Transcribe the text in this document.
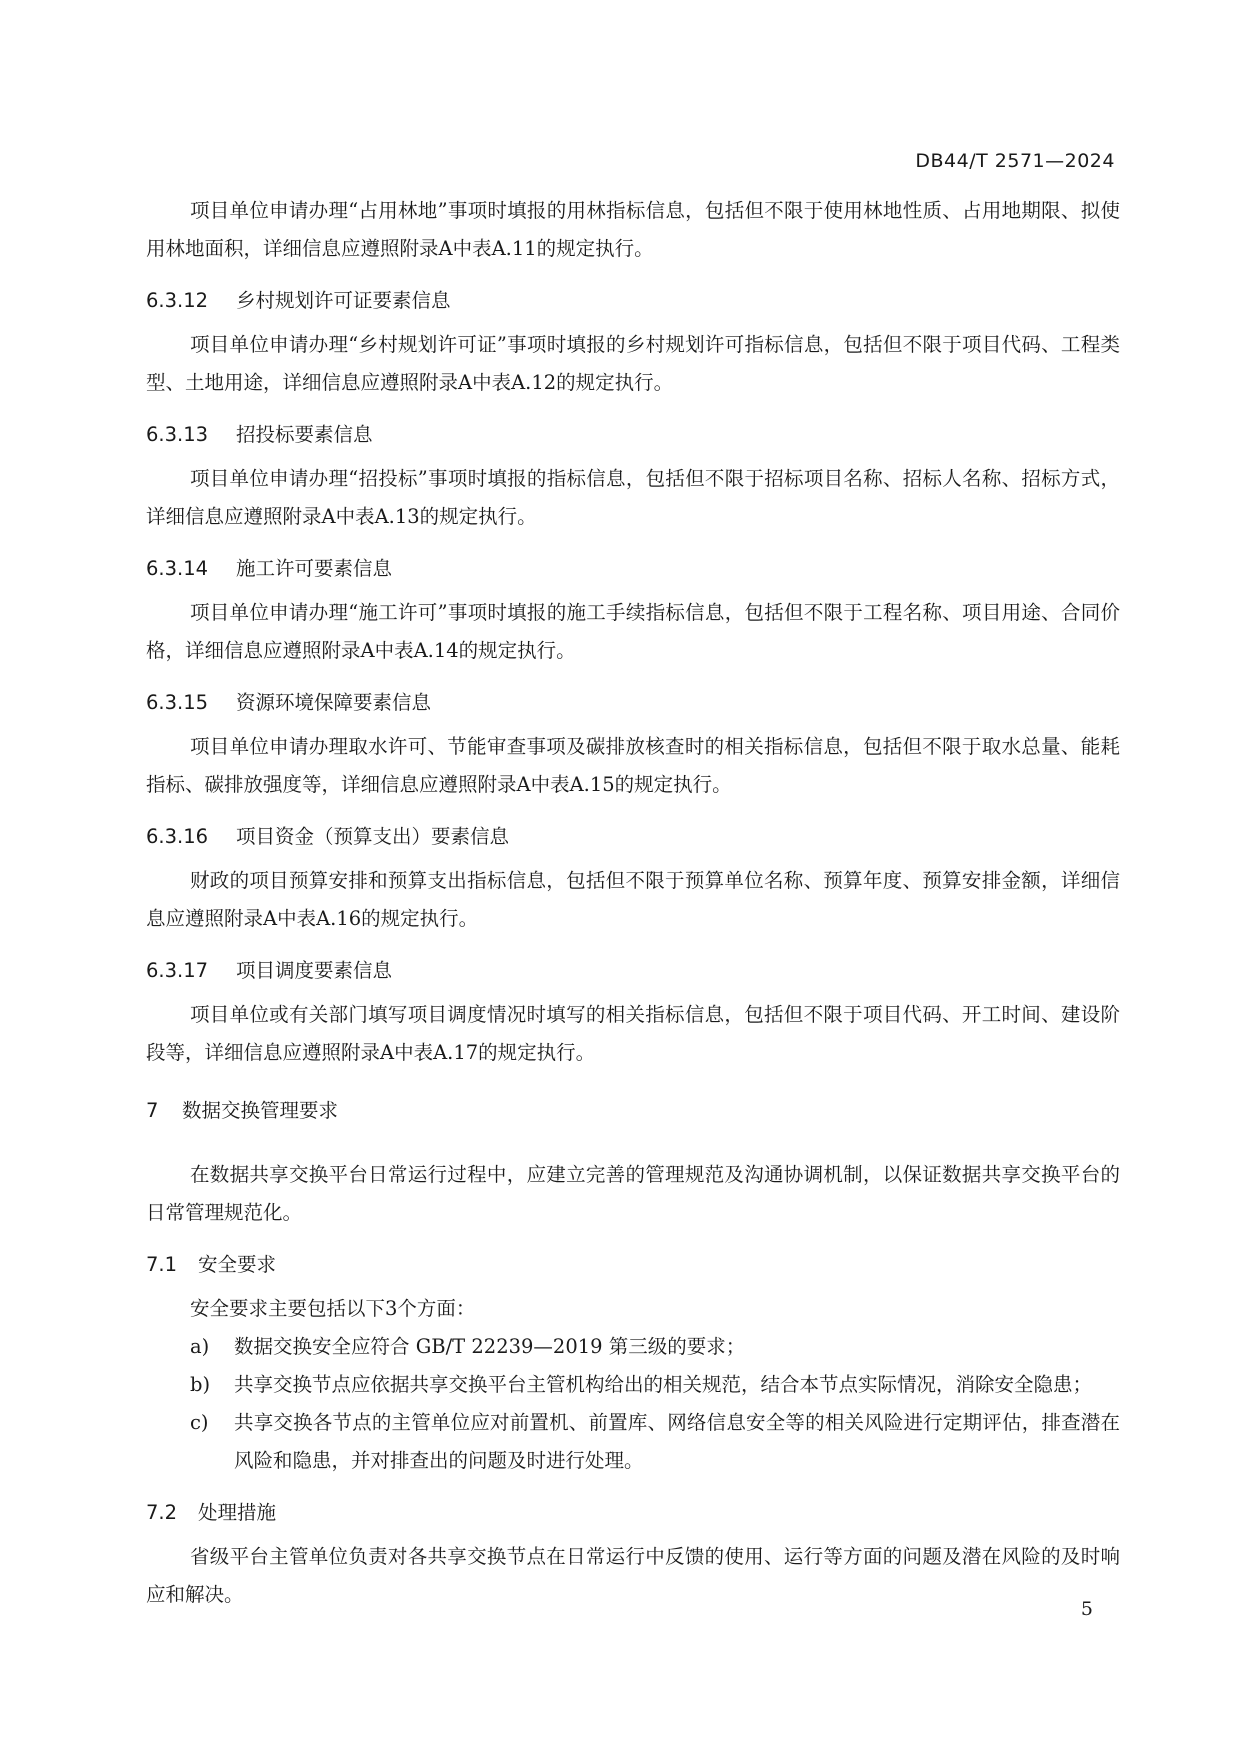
DB44/T 2571—2024

项目单位申请办理“占用林地”事项时填报的用林指标信息，包括但不限于使用林地性质、占用地期限、拟使用林地面积，详细信息应遵照附录A中表A.11的规定执行。

6.3.12	乡村规划许可证要素信息

项目单位申请办理“乡村规划许可证”事项时填报的乡村规划许可指标信息，包括但不限于项目代码、工程类型、土地用途，详细信息应遵照附录A中表A.12的规定执行。

6.3.13	招投标要素信息

项目单位申请办理“招投标”事项时填报的指标信息，包括但不限于招标项目名称、招标人名称、招标方式，详细信息应遵照附录A中表A.13的规定执行。

6.3.14	施工许可要素信息

项目单位申请办理“施工许可”事项时填报的施工手续指标信息，包括但不限于工程名称、项目用途、合同价格，详细信息应遵照附录A中表A.14的规定执行。

6.3.15	资源环境保障要素信息

项目单位申请办理取水许可、节能审查事项及碳排放核查时的相关指标信息，包括但不限于取水总量、能耗指标、碳排放强度等，详细信息应遵照附录A中表A.15的规定执行。

6.3.16	项目资金（预算支出）要素信息

财政的项目预算安排和预算支出指标信息，包括但不限于预算单位名称、预算年度、预算安排金额，详细信息应遵照附录A中表A.16的规定执行。

6.3.17	项目调度要素信息

项目单位或有关部门填写项目调度情况时填写的相关指标信息，包括但不限于项目代码、开工时间、建设阶段等，详细信息应遵照附录A中表A.17的规定执行。

7	数据交换管理要求

在数据共享交换平台日常运行过程中，应建立完善的管理规范及沟通协调机制，以保证数据共享交换平台的日常管理规范化。

7.1	安全要求

安全要求主要包括以下3个方面：

a)	数据交换安全应符合 GB/T 22239—2019 第三级的要求；
b)	共享交换节点应依据共享交换平台主管机构给出的相关规范，结合本节点实际情况，消除安全隐患；
c)	共享交换各节点的主管单位应对前置机、前置库、网络信息安全等的相关风险进行定期评估，排查潜在风险和隐患，并对排查出的问题及时进行处理。
7.2	处理措施

省级平台主管单位负责对各共享交换节点在日常运行中反馈的使用、运行等方面的问题及潜在风险的及时响应和解决。

5
